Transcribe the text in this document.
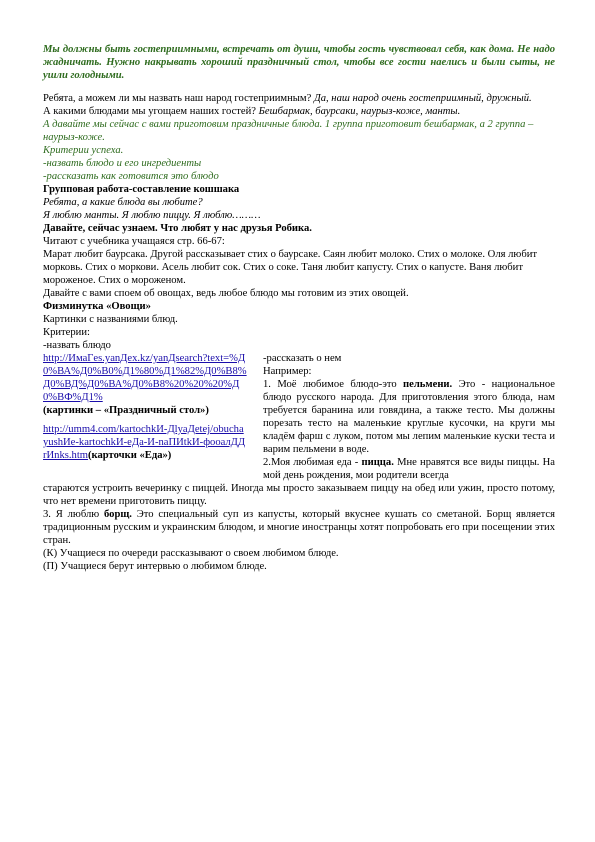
Мы должны быть гостеприимными, встречать от души, чтобы гость чувствовал себя, как дома. Не надо жадничать. Нужно накрывать хороший праздничный стол, чтобы все гости наелись и были сыты, не ушли голодными.

Ребята, а можем ли мы назвать наш народ гостеприимным? Да, наш народ очень гостеприимный, дружный.

А какими блюдами мы угощаем наших гостей? Бешбармак, баурсаки, наурыз-кожe, манты.

А давайте мы сейчас с вами приготовим праздничные блюда. 1 группа приготовит бешбармак, а 2 группа – наурыз-кожe.

Критерии успеха.

-назвать блюдо и его ингредиенты

-рассказать как готовится это блюдо

Групповая работа-составление кошшака

Ребята, а какие блюда вы любите?

Я люблю манты. Я люблю пиццу. Я люблю………

Давайте, сейчас узнаем. Что любят у нас друзья Робика.

Читают с учебника учащаяся стр. 66-67:

Марат любит баурсака. Другой рассказывает стих о баурсаке. Саян любит молоко. Стих о молоке. Оля любит морковь. Стих о моркови. Асель любит сок. Стих о соке. Таня любит капусту. Стих о капусте. Ваня любит мороженое. Стих о мороженом.

Давайте с вами споем об овощах, ведь любое блюдо мы готовим из этих овощей.

Физминутка «Овощи»

Картинки с названиями блюд.

Критерии:

-назвать блюдо

http://ИмаГes.yanДex.kz/yanДsearch?text=%Д0%ВА%Д0%В0%Д1%80%Д1%82%Д0%B8%Д0%ВД%Д0%ВА%Д0%B8%20%20%20%Д0%ВФ%Д1%
(картинки – «Праздничный стол»)

http://umm4.com/kartochkИ-ДlyaДetej/obuchayushИe-kartochkИ-eДa-И-naПИtkИ-фоoaлДДrИnks.htm(карточки «Еда»)

-рассказать о нем

Например:

1. Моё любимое блюдо-это пельмени. Это - национальное блюдо русского народа. Для приготовления этого блюда, нам требуется баранина или говядина, а также тесто. Мы должны порезать тесто на маленькие круглые кусочки, на круги мы кладём фарш с луком, потом мы лепим маленькие куски теста и варим пельмени в воде.

2.Моя любимая еда - пицца. Мне нравятся все виды пиццы. На мой день рождения, мои родители всегда

стараются устроить вечеринку с пиццей. Иногда мы просто заказываем пиццу на обед или ужин, просто потому, что нет времени приготовить пиццу.

3. Я люблю борщ. Это специальный суп из капусты, который вкуснее кушать со сметаной. Борщ является традиционным русским и украинским блюдом, и многие иностранцы хотят попробовать его при посещении этих стран.

(К) Учащиеся по очереди рассказывают о своем любимом блюде.

(П) Учащиеся берут интервью о любимом блюде.
